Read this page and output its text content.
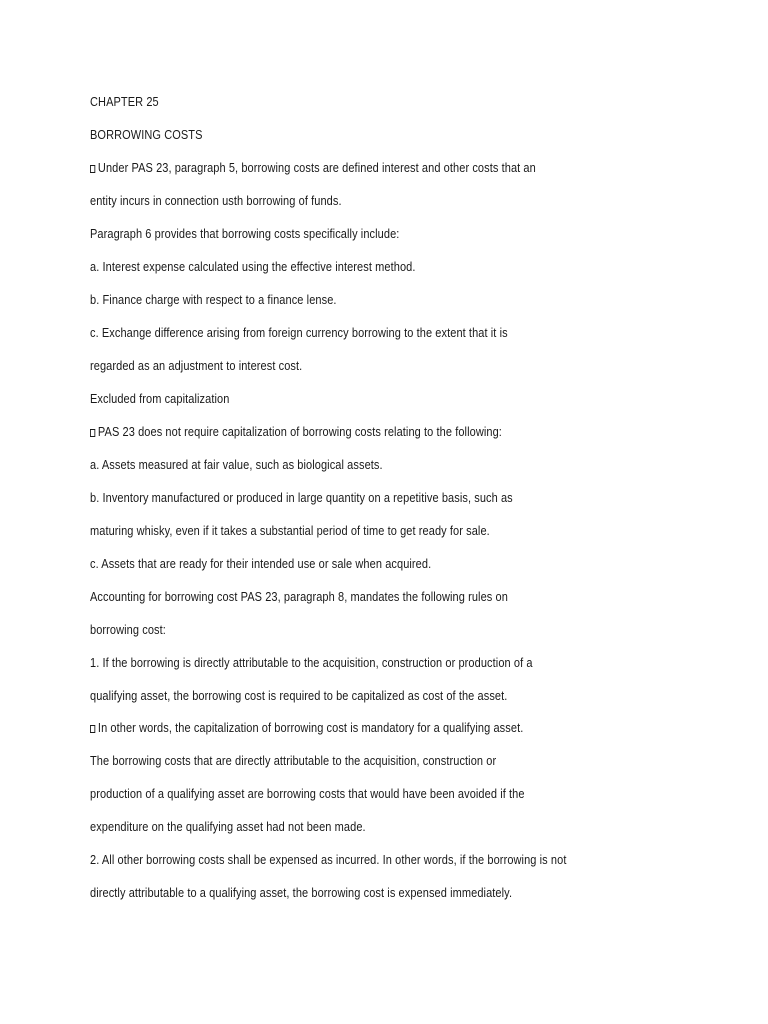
CHAPTER 25

BORROWING COSTS

Under PAS 23, paragraph 5, borrowing costs are defined interest and other costs that an

entity incurs in connection usth borrowing of funds.

Paragraph 6 provides that borrowing costs specifically include:

a. Interest expense calculated using the effective interest method.

b. Finance charge with respect to a finance lense.

c. Exchange difference arising from foreign currency borrowing to the extent that it is

regarded as an adjustment to interest cost.

Excluded from capitalization

PAS 23 does not require capitalization of borrowing costs relating to the following:

a. Assets measured at fair value, such as biological assets.

b. Inventory manufactured or produced in large quantity on a repetitive basis, such as

maturing whisky, even if it takes a substantial period of time to get ready for sale.

c. Assets that are ready for their intended use or sale when acquired.

Accounting for borrowing cost PAS 23, paragraph 8, mandates the following rules on

borrowing cost:

1. If the borrowing is directly attributable to the acquisition, construction or production of a

qualifying asset, the borrowing cost is required to be capitalized as cost of the asset.

In other words, the capitalization of borrowing cost is mandatory for a qualifying asset.

The borrowing costs that are directly attributable to the acquisition, construction or

production of a qualifying asset are borrowing costs that would have been avoided if the

expenditure on the qualifying asset had not been made.

2. All other borrowing costs shall be expensed as incurred. In other words, if the borrowing is not

directly attributable to a qualifying asset, the borrowing cost is expensed immediately.
